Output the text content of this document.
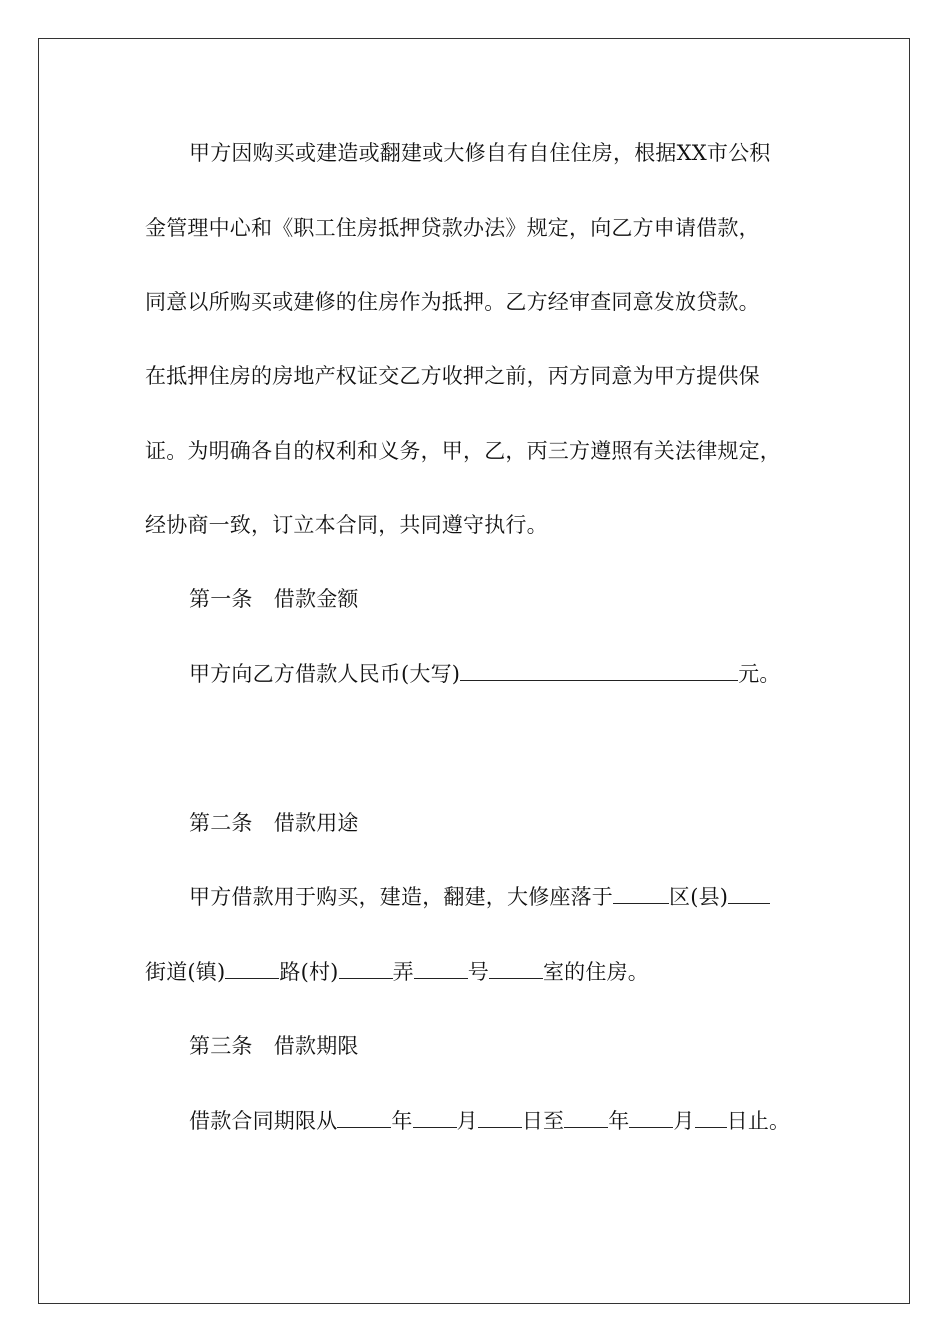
甲方因购买或建造或翻建或大修自有自住住房，根据XX市公积
金管理中心和《职工住房抵押贷款办法》规定，向乙方申请借款，
同意以所购买或建修的住房作为抵押。乙方经审查同意发放贷款。
在抵押住房的房地产权证交乙方收押之前，丙方同意为甲方提供保
证。为明确各自的权利和义务，甲，乙，丙三方遵照有关法律规定，
经协商一致，订立本合同，共同遵守执行。
第一条　借款金额
甲方向乙方借款人民币(大写)	元。
第二条　借款用途
甲方借款用于购买，建造，翻建，大修座落于	区(县)
街道(镇)	路(村)	弄	号	室的住房。
第三条　借款期限
借款合同期限从	年 月 日至 年 月 日止。
